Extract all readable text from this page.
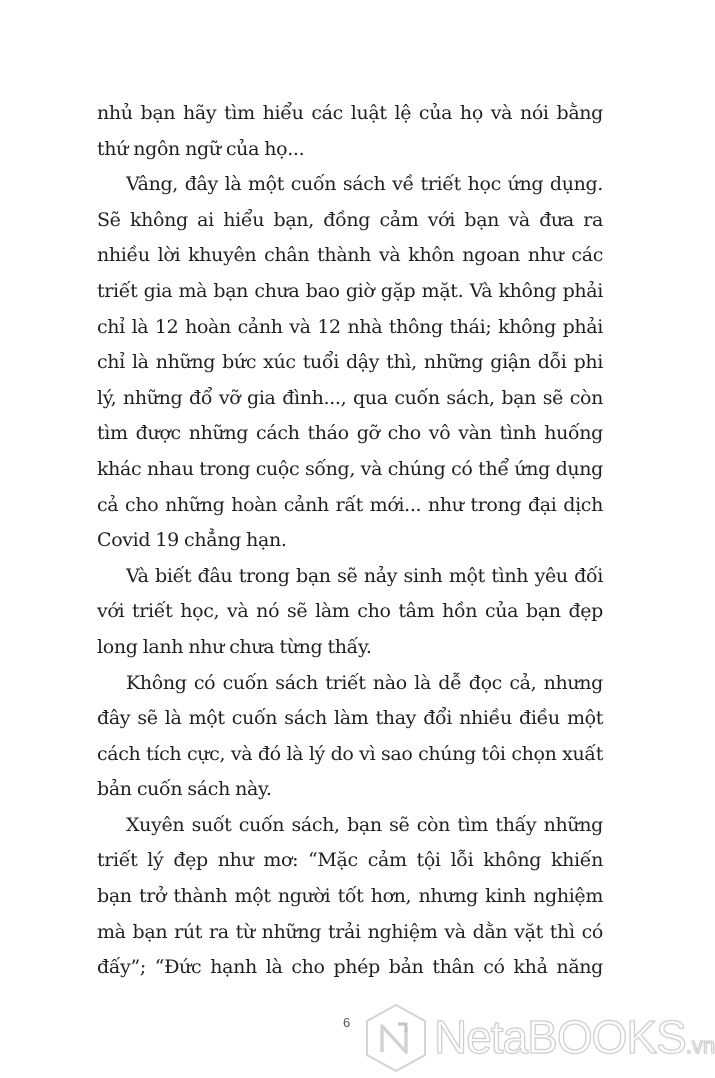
nhủ bạn hãy tìm hiểu các luật lệ của họ và nói bằng
thứ ngôn ngữ của họ...
Vâng, đây là một cuốn sách về triết học ứng dụng.
Sẽ không ai hiểu bạn, đồng cảm với bạn và đưa ra
nhiều lời khuyên chân thành và khôn ngoan như các
triết gia mà bạn chưa bao giờ gặp mặt. Và không phải
chỉ là 12 hoàn cảnh và 12 nhà thông thái; không phải
chỉ là những bức xúc tuổi dậy thì, những giận dỗi phi
lý, những đổ vỡ gia đình..., qua cuốn sách, bạn sẽ còn
tìm được những cách tháo gỡ cho vô vàn tình huống
khác nhau trong cuộc sống, và chúng có thể ứng dụng
cả cho những hoàn cảnh rất mới... như trong đại dịch
Covid 19 chẳng hạn.
Và biết đâu trong bạn sẽ nảy sinh một tình yêu đối
với triết học, và nó sẽ làm cho tâm hồn của bạn đẹp
long lanh như chưa từng thấy.
Không có cuốn sách triết nào là dễ đọc cả, nhưng
đây sẽ là một cuốn sách làm thay đổi nhiều điều một
cách tích cực, và đó là lý do vì sao chúng tôi chọn xuất
bản cuốn sách này.
Xuyên suốt cuốn sách, bạn sẽ còn tìm thấy những
triết lý đẹp như mơ: “Mặc cảm tội lỗi không khiến
bạn trở thành một người tốt hơn, nhưng kinh nghiệm
mà bạn rút ra từ những trải nghiệm và dằn vặt thì có
đấy”; “Đức hạnh là cho phép bản thân có khả năng
6 NetaBOOKS.vn
